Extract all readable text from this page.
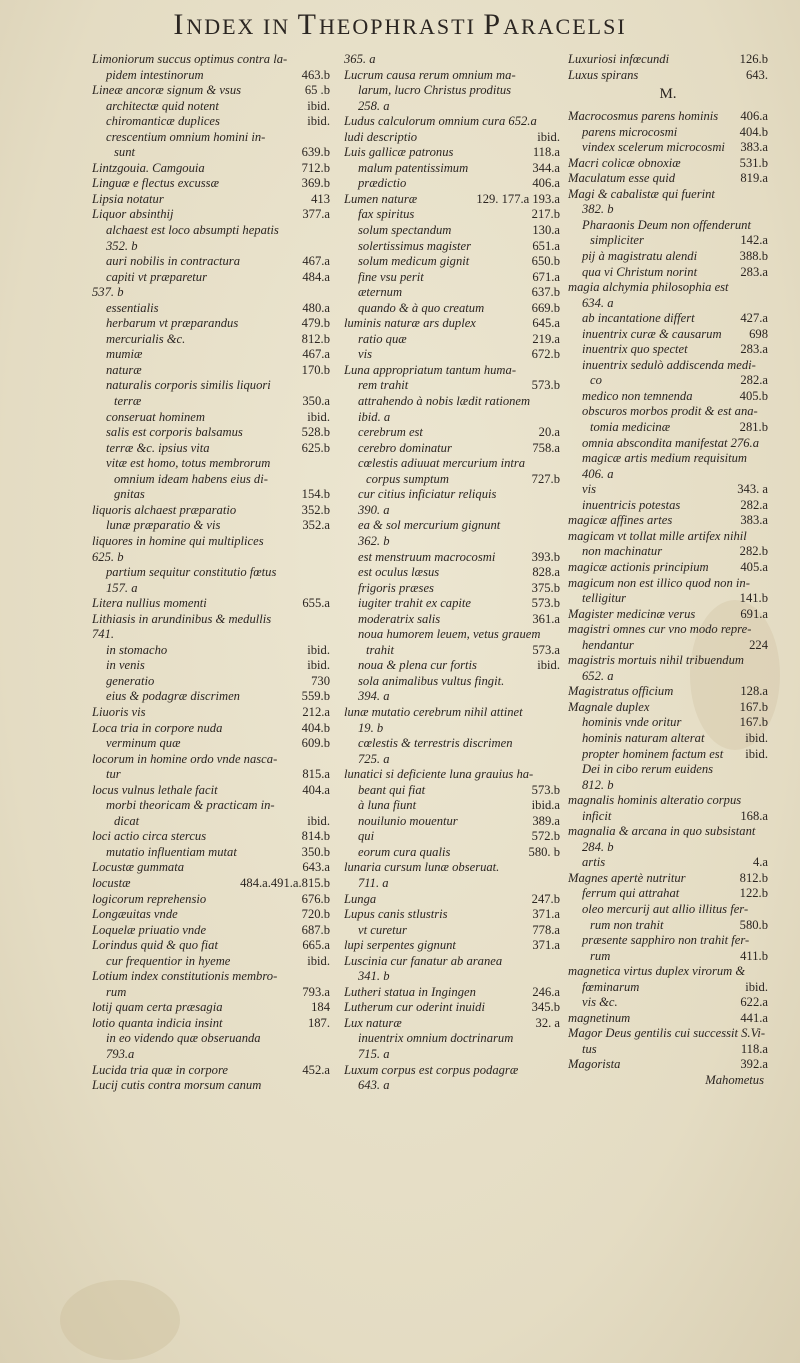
INDEX IN THEOPHRASTI PARACELSI
Limoniorum succus optimus contra la-
pidem intestinorum	463.b
Lineæ ancoræ signum & vsus	65 .b
architectæ quid notent	ibid.
chiromanticæ duplices	ibid.
crescentium omnium homini in-
sunt	639.b
Lintzgouia. Camgouia	712.b
Linguæ e flectus excussæ	369.b
Lipsia notatur	413
Liquor absinthij	377.a
alchaest est loco absumpti hepatis
352. b
auri nobilis in contractura	467.a
capiti vt præparetur	484.a
537. b
essentialis	480.a
herbarum vt præparandus	479.b
mercurialis &c.	812.b
mumiæ	467.a
naturæ	170.b
naturalis corporis similis liquori
terræ	350.a
conseruat hominem	ibid.
salis est corporis balsamus	528.b
terræ &c. ipsius vita	625.b
vitæ est homo, totus membrorum
omnium ideam habens eius di-
gnitas	154.b
liquoris alchaest præparatio	352.b
lunæ præparatio & vis	352.a
liquores in homine qui multiplices
625. b
partium sequitur constitutio fœtus
157. a
Litera nullius momenti	655.a
Lithiasis in arundinibus & medullis
741.
in stomacho	ibid.
in venis	ibid.
generatio	730
eius & podagræ discrimen	559.b
Liuoris vis	212.a
Loca tria in corpore nuda	404.b
verminum quæ	609.b
locorum in homine ordo vnde nasca-
tur	815.a
locus vulnus lethale facit	404.a
morbi theoricam & practicam in-
dicat	ibid.
loci actio circa stercus	814.b
mutatio influentiam mutat	350.b
Locustæ gummata	643.a
locustæ	484.a.491.a.815.b
logicorum reprehensio	676.b
Longæuitas vnde	720.b
Loquelæ priuatio vnde	687.b
Lorindus quid & quo fiat	665.a
cur frequentior in hyeme	ibid.
Lotium index constitutionis membro-
rum	793.a
lotij quam certa præsagia	184
lotio quanta indicia insint	187.
in eo videndo quæ obseruanda
793.a
Lucida tria quæ in corpore	452.a
Lucij cutis contra morsum canum
365. a
Lucrum causa rerum omnium ma-
larum, lucro Christus proditus
258. a
Ludus calculorum omnium cura 652.a
ludi descriptio	ibid.
Luis gallicæ patronus	118.a
malum patentissimum	344.a
prædictio	406.a
Lumen naturæ	129. 177.a 193.a
fax spiritus	217.b
solum spectandum	130.a
solertissimus magister	651.a
solum medicum gignit	650.b
fine vsu perit	671.a
æternum	637.b
quando & à quo creatum	669.b
luminis naturæ ars duplex	645.a
ratio quæ	219.a
vis	672.b
Luna appropriatum tantum huma-
rem trahit	573.b
attrahendo à nobis lædit rationem
ibid. a
cerebrum est	20.a
cerebro dominatur	758.a
cœlestis adiuuat mercurium intra
corpus sumptum	727.b
cur citius inficiatur reliquis
390. a
ea & sol mercurium gignunt
362. b
est menstruum macrocosmi	393.b
est oculus læsus	828.a
frigoris præses	375.b
iugiter trahit ex capite	573.b
moderatrix salis	361.a
noua humorem leuem, vetus grauem
trahit	573.a
noua & plena cur fortis	ibid.
sola animalibus vultus fingit.
394. a
lunæ mutatio cerebrum nihil attinet
19. b
cœlestis & terrestris discrimen
725. a
lunatici si deficiente luna grauius ha-
beant qui fiat	573.b
à luna fiunt	ibid.a
nouilunio mouentur	389.a
qui	572.b
eorum cura qualis	580. b
lunaria cursum lunæ obseruat.
711. a
Lunga	247.b
Lupus canis stlustris	371.a
vt curetur	778.a
lupi serpentes gignunt	371.a
Luscinia cur fanatur ab aranea
341. b
Lutheri statua in Ingingen	246.a
Lutherum cur oderint inuidi	345.b
Lux naturæ	32. a
inuentrix omnium doctrinarum
715. a
Luxum corpus est corpus podagræ
643. a
Luxuriosi infœcundi	126.b
Luxus spirans	643.
M.
Macrocosmus parens hominis	406.a
parens microcosmi	404.b
vindex scelerum microcosmi	383.a
Macri colicæ obnoxiæ	531.b
Maculatum esse quid	819.a
Magi & cabalistæ qui fuerint
382. b
Pharaonis Deum non offenderunt
simpliciter	142.a
pij à magistratu alendi	388.b
qua vi Christum norint	283.a
magia alchymia philosophia est
634. a
ab incantatione differt	427.a
inuentrix curæ & causarum	698
inuentrix quo spectet	283.a
inuentrix sedulò addiscenda medi-
co	282.a
medico non temnenda	405.b
obscuros morbos prodit & est ana-
tomia medicinæ	281.b
omnia abscondita manifestat 276.a
magicæ artis medium requisitum
406. a
vis	343. a
inuentricis potestas	282.a
magicæ affines artes	383.a
magicam vt tollat mille artifex nihil
non machinatur	282.b
magicæ actionis principium	405.a
magicum non est illico quod non in-
telligitur	141.b
Magister medicinæ verus	691.a
magistri omnes cur vno modo repre-
hendantur	224
magistris mortuis nihil tribuendum
652. a
Magistratus officium	128.a
Magnale duplex	167.b
hominis vnde oritur	167.b
hominis naturam alterat	ibid.
propter hominem factum est	ibid.
Dei in cibo rerum euidens
812. b
magnalis hominis alteratio corpus
inficit	168.a
magnalia & arcana in quo subsistant
284. b
artis	4.a
Magnes apertè nutritur	812.b
ferrum qui attrahat	122.b
oleo mercurij aut allio illitus fer-
rum non trahit	580.b
præsente sapphiro non trahit fer-
rum	411.b
magnetica virtus duplex virorum &
fœminarum	ibid.
vis &c.	622.a
magnetinum	441.a
Magor Deus gentilis cui successit S.Vi-
tus	118.a
Magorista	392.a
Mahometus
